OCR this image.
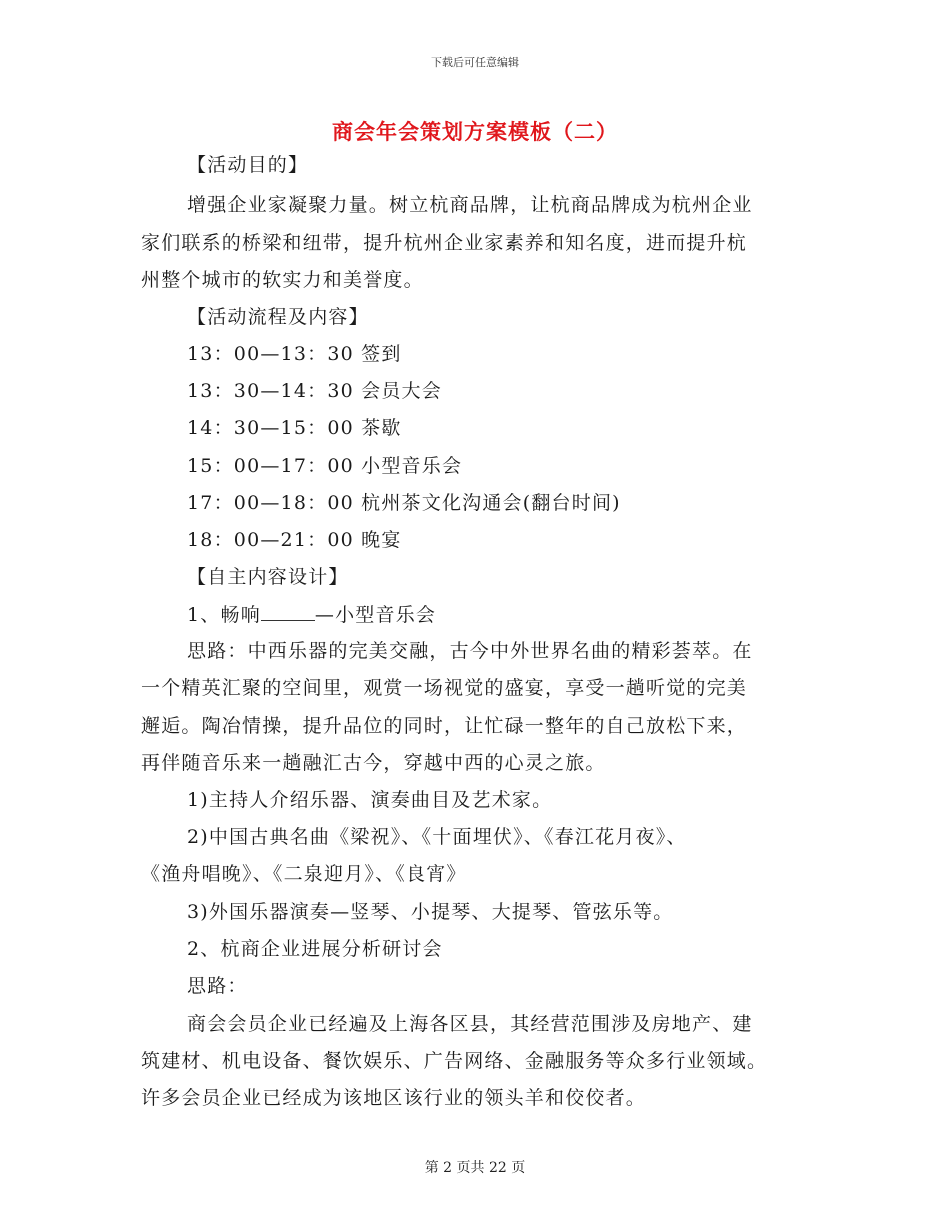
下载后可任意编辑
商会年会策划方案模板（二）
【活动目的】
增强企业家凝聚力量。树立杭商品牌，让杭商品牌成为杭州企业
家们联系的桥梁和纽带，提升杭州企业家素养和知名度，进而提升杭
州整个城市的软实力和美誉度。
【活动流程及内容】
13：00—13：30 签到
13：30—14：30 会员大会
14：30—15：00 茶歇
15：00—17：00 小型音乐会
17：00—18：00 杭州茶文化沟通会(翻台时间)
18：00—21：00 晚宴
【自主内容设计】
1、畅响	—小型音乐会
思路：中西乐器的完美交融，古今中外世界名曲的精彩荟萃。在
一个精英汇聚的空间里，观赏一场视觉的盛宴，享受一趟听觉的完美
邂逅。陶冶情操，提升品位的同时，让忙碌一整年的自己放松下来，
再伴随音乐来一趟融汇古今，穿越中西的心灵之旅。
1)主持人介绍乐器、演奏曲目及艺术家。
2)中国古典名曲《梁祝》、《十面埋伏》、《春江花月夜》、
《渔舟唱晚》、《二泉迎月》、《良宵》
3)外国乐器演奏—竖琴、小提琴、大提琴、管弦乐等。
2、杭商企业进展分析研讨会
思路：
商会会员企业已经遍及上海各区县，其经营范围涉及房地产、建
筑建材、机电设备、餐饮娱乐、广告网络、金融服务等众多行业领域。
许多会员企业已经成为该地区该行业的领头羊和佼佼者。
第 2 页共 22 页
